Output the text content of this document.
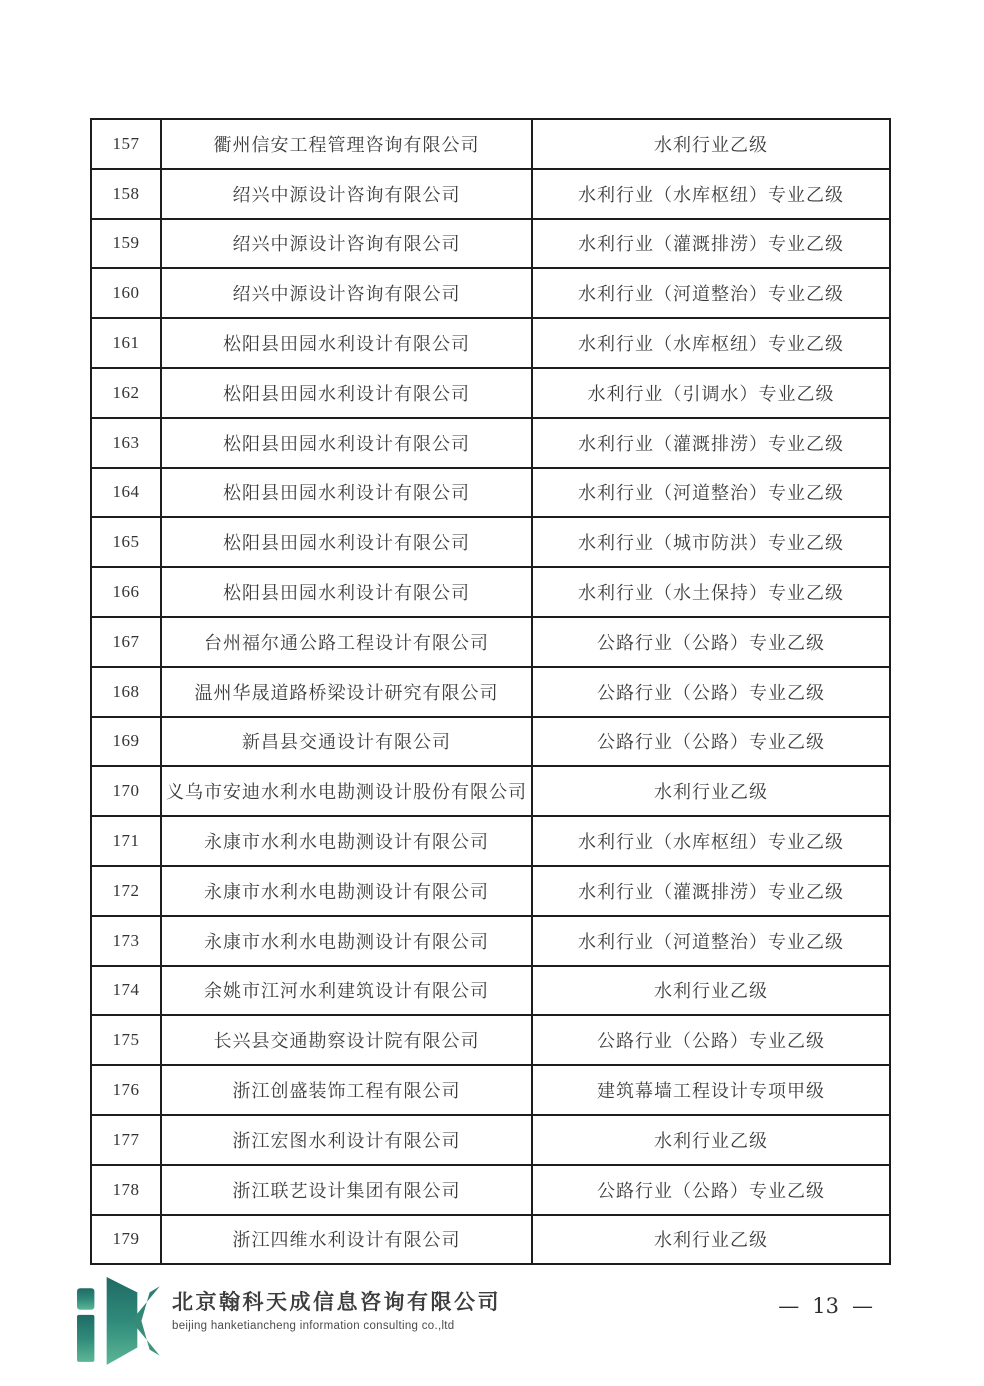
157	衢州信安工程管理咨询有限公司	水利行业乙级
158	绍兴中源设计咨询有限公司	水利行业（水库枢纽）专业乙级
159	绍兴中源设计咨询有限公司	水利行业（灌溉排涝）专业乙级
160	绍兴中源设计咨询有限公司	水利行业（河道整治）专业乙级
161	松阳县田园水利设计有限公司	水利行业（水库枢纽）专业乙级
162	松阳县田园水利设计有限公司	水利行业（引调水）专业乙级
163	松阳县田园水利设计有限公司	水利行业（灌溉排涝）专业乙级
164	松阳县田园水利设计有限公司	水利行业（河道整治）专业乙级
165	松阳县田园水利设计有限公司	水利行业（城市防洪）专业乙级
166	松阳县田园水利设计有限公司	水利行业（水土保持）专业乙级
167	台州福尔通公路工程设计有限公司	公路行业（公路）专业乙级
168	温州华晟道路桥梁设计研究有限公司	公路行业（公路）专业乙级
169	新昌县交通设计有限公司	公路行业（公路）专业乙级
170	义乌市安迪水利水电勘测设计股份有限公司	水利行业乙级
171	永康市水利水电勘测设计有限公司	水利行业（水库枢纽）专业乙级
172	永康市水利水电勘测设计有限公司	水利行业（灌溉排涝）专业乙级
173	永康市水利水电勘测设计有限公司	水利行业（河道整治）专业乙级
174	余姚市江河水利建筑设计有限公司	水利行业乙级
175	长兴县交通勘察设计院有限公司	公路行业（公路）专业乙级
176	浙江创盛装饰工程有限公司	建筑幕墙工程设计专项甲级
177	浙江宏图水利设计有限公司	水利行业乙级
178	浙江联艺设计集团有限公司	公路行业（公路）专业乙级
179	浙江四维水利设计有限公司	水利行业乙级
北京翰科天成信息咨询有限公司
beijing hanketiancheng information consulting co.,ltd
— 13 —
